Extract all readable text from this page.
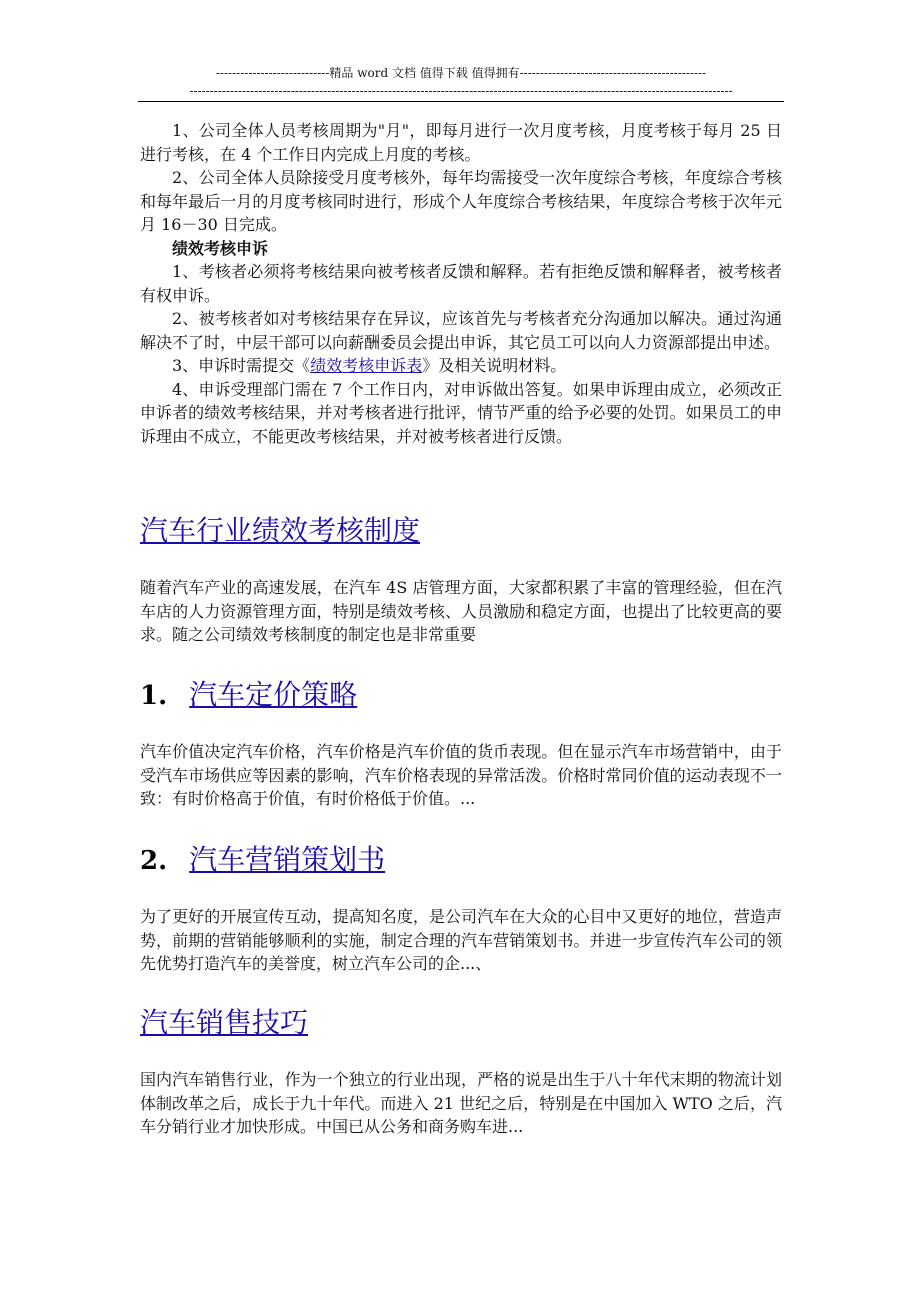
----------------------------精品 word 文档 值得下载 值得拥有----------------------------------------------
--------------------------------------------------------------------------------------------------------------------------------------

1、公司全体人员考核周期为"月"，即每月进行一次月度考核，月度考核于每月 25 日进行考核，在 4 个工作日内完成上月度的考核。

2、公司全体人员除接受月度考核外，每年均需接受一次年度综合考核，年度综合考核和每年最后一月的月度考核同时进行，形成个人年度综合考核结果，年度综合考核于次年元月 16－30 日完成。

绩效考核申诉

1、考核者必须将考核结果向被考核者反馈和解释。若有拒绝反馈和解释者，被考核者有权申诉。

2、被考核者如对考核结果存在异议，应该首先与考核者充分沟通加以解决。通过沟通解决不了时，中层干部可以向薪酬委员会提出申诉，其它员工可以向人力资源部提出申述。

3、申诉时需提交《绩效考核申诉表》及相关说明材料。

4、申诉受理部门需在 7 个工作日内，对申诉做出答复。如果申诉理由成立，必须改正申诉者的绩效考核结果，并对考核者进行批评，情节严重的给予必要的处罚。如果员工的申诉理由不成立，不能更改考核结果，并对被考核者进行反馈。

汽车行业绩效考核制度

随着汽车产业的高速发展，在汽车 4S 店管理方面，大家都积累了丰富的管理经验，但在汽车店的人力资源管理方面，特别是绩效考核、人员激励和稳定方面，也提出了比较更高的要求。随之公司绩效考核制度的制定也是非常重要

1. 汽车定价策略

汽车价值决定汽车价格，汽车价格是汽车价值的货币表现。但在显示汽车市场营销中，由于受汽车市场供应等因素的影响，汽车价格表现的异常活泼。价格时常同价值的运动表现不一致：有时价格高于价值，有时价格低于价值。...

2. 汽车营销策划书

为了更好的开展宣传互动，提高知名度，是公司汽车在大众的心目中又更好的地位，营造声势，前期的营销能够顺利的实施，制定合理的汽车营销策划书。并进一步宣传汽车公司的领先优势打造汽车的美誉度，树立汽车公司的企...、

汽车销售技巧

国内汽车销售行业，作为一个独立的行业出现，严格的说是出生于八十年代末期的物流计划体制改革之后，成长于九十年代。而进入 21 世纪之后，特别是在中国加入 WTO 之后，汽车分销行业才加快形成。中国已从公务和商务购车进...
